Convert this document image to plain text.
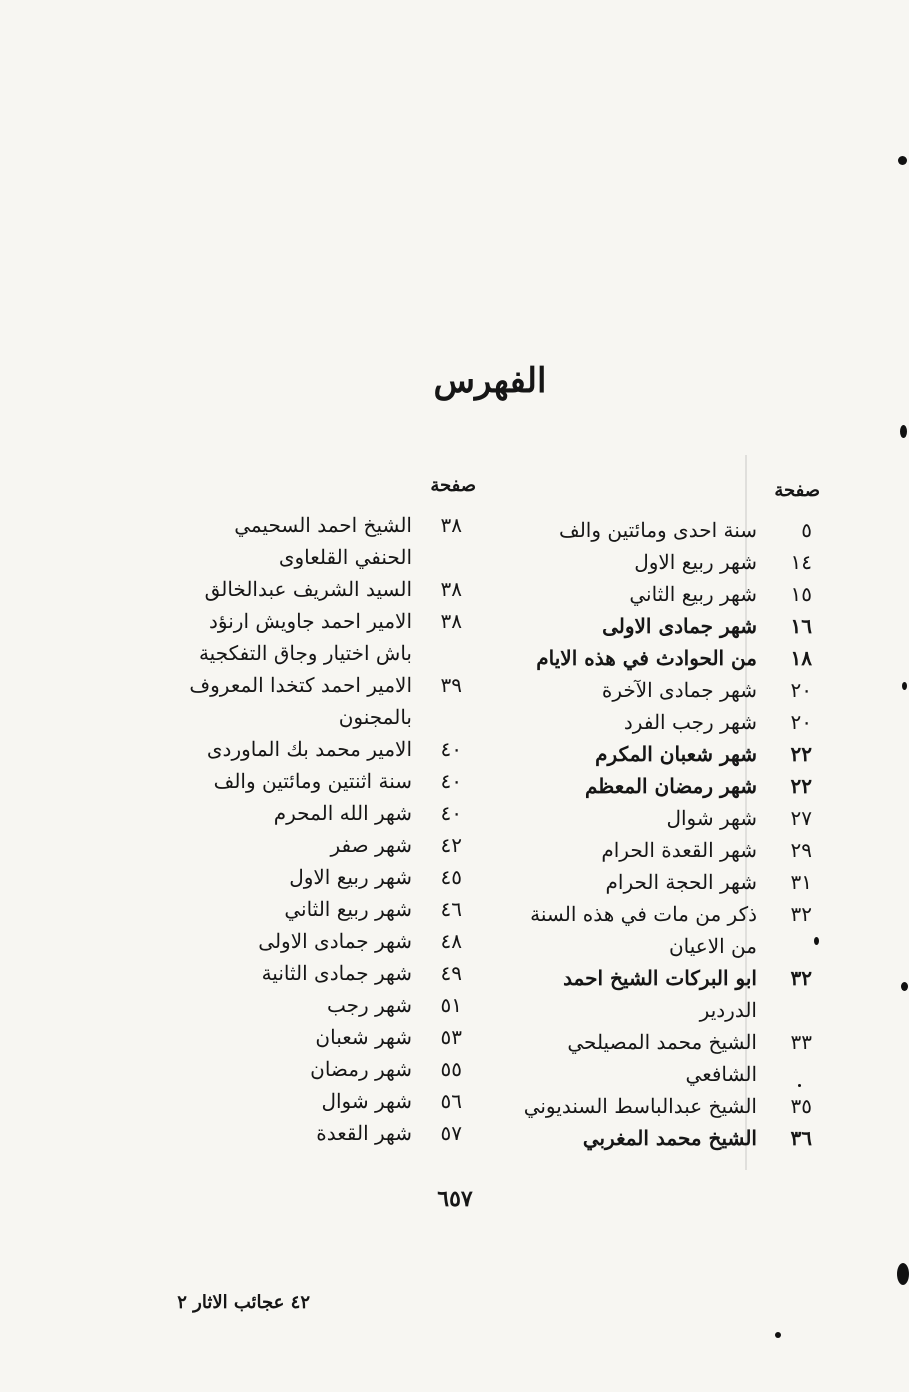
الفهرس
صفحة
صفحة
سنة احدى ومائتين والف	٥
شهر ربيع الاول	١٤
شهر ربيع الثاني	١٥
شهر جمادى الاولى	١٦
من الحوادث في هذه الايام	١٨
شهر جمادى الآخرة	٢٠
شهر رجب الفرد	٢٠
شهر شعبان المكرم	٢٢
شهر رمضان المعظم	٢٢
شهر شوال	٢٧
شهر القعدة الحرام	٢٩
شهر الحجة الحرام	٣١
ذكر من مات في هذه السنة	٣٢
من الاعيان
ابو البركات الشيخ احمد	٣٢
الدردير
الشيخ محمد المصيلحي	٣٣
الشافعي
الشيخ عبدالباسط السنديوني	٣٥
الشيخ محمد المغربي	٣٦
الشيخ احمد السحيمي	٣٨
الحنفي القلعاوى
السيد الشريف عبدالخالق	٣٨
الامير احمد جاويش ارنؤد	٣٨
باش اختيار وجاق التفكجية
الامير احمد كتخدا المعروف	٣٩
بالمجنون
الامير محمد بك الماوردى	٤٠
سنة اثنتين ومائتين والف	٤٠
شهر الله المحرم	٤٠
شهر صفر	٤٢
شهر ربيع الاول	٤٥
شهر ربيع الثاني	٤٦
شهر جمادى الاولى	٤٨
شهر جمادى الثانية	٤٩
شهر رجب	٥١
شهر شعبان	٥٣
شهر رمضان	٥٥
شهر شوال	٥٦
شهر القعدة	٥٧
٦٥٧
٤٢ عجائب الاثار ٢
